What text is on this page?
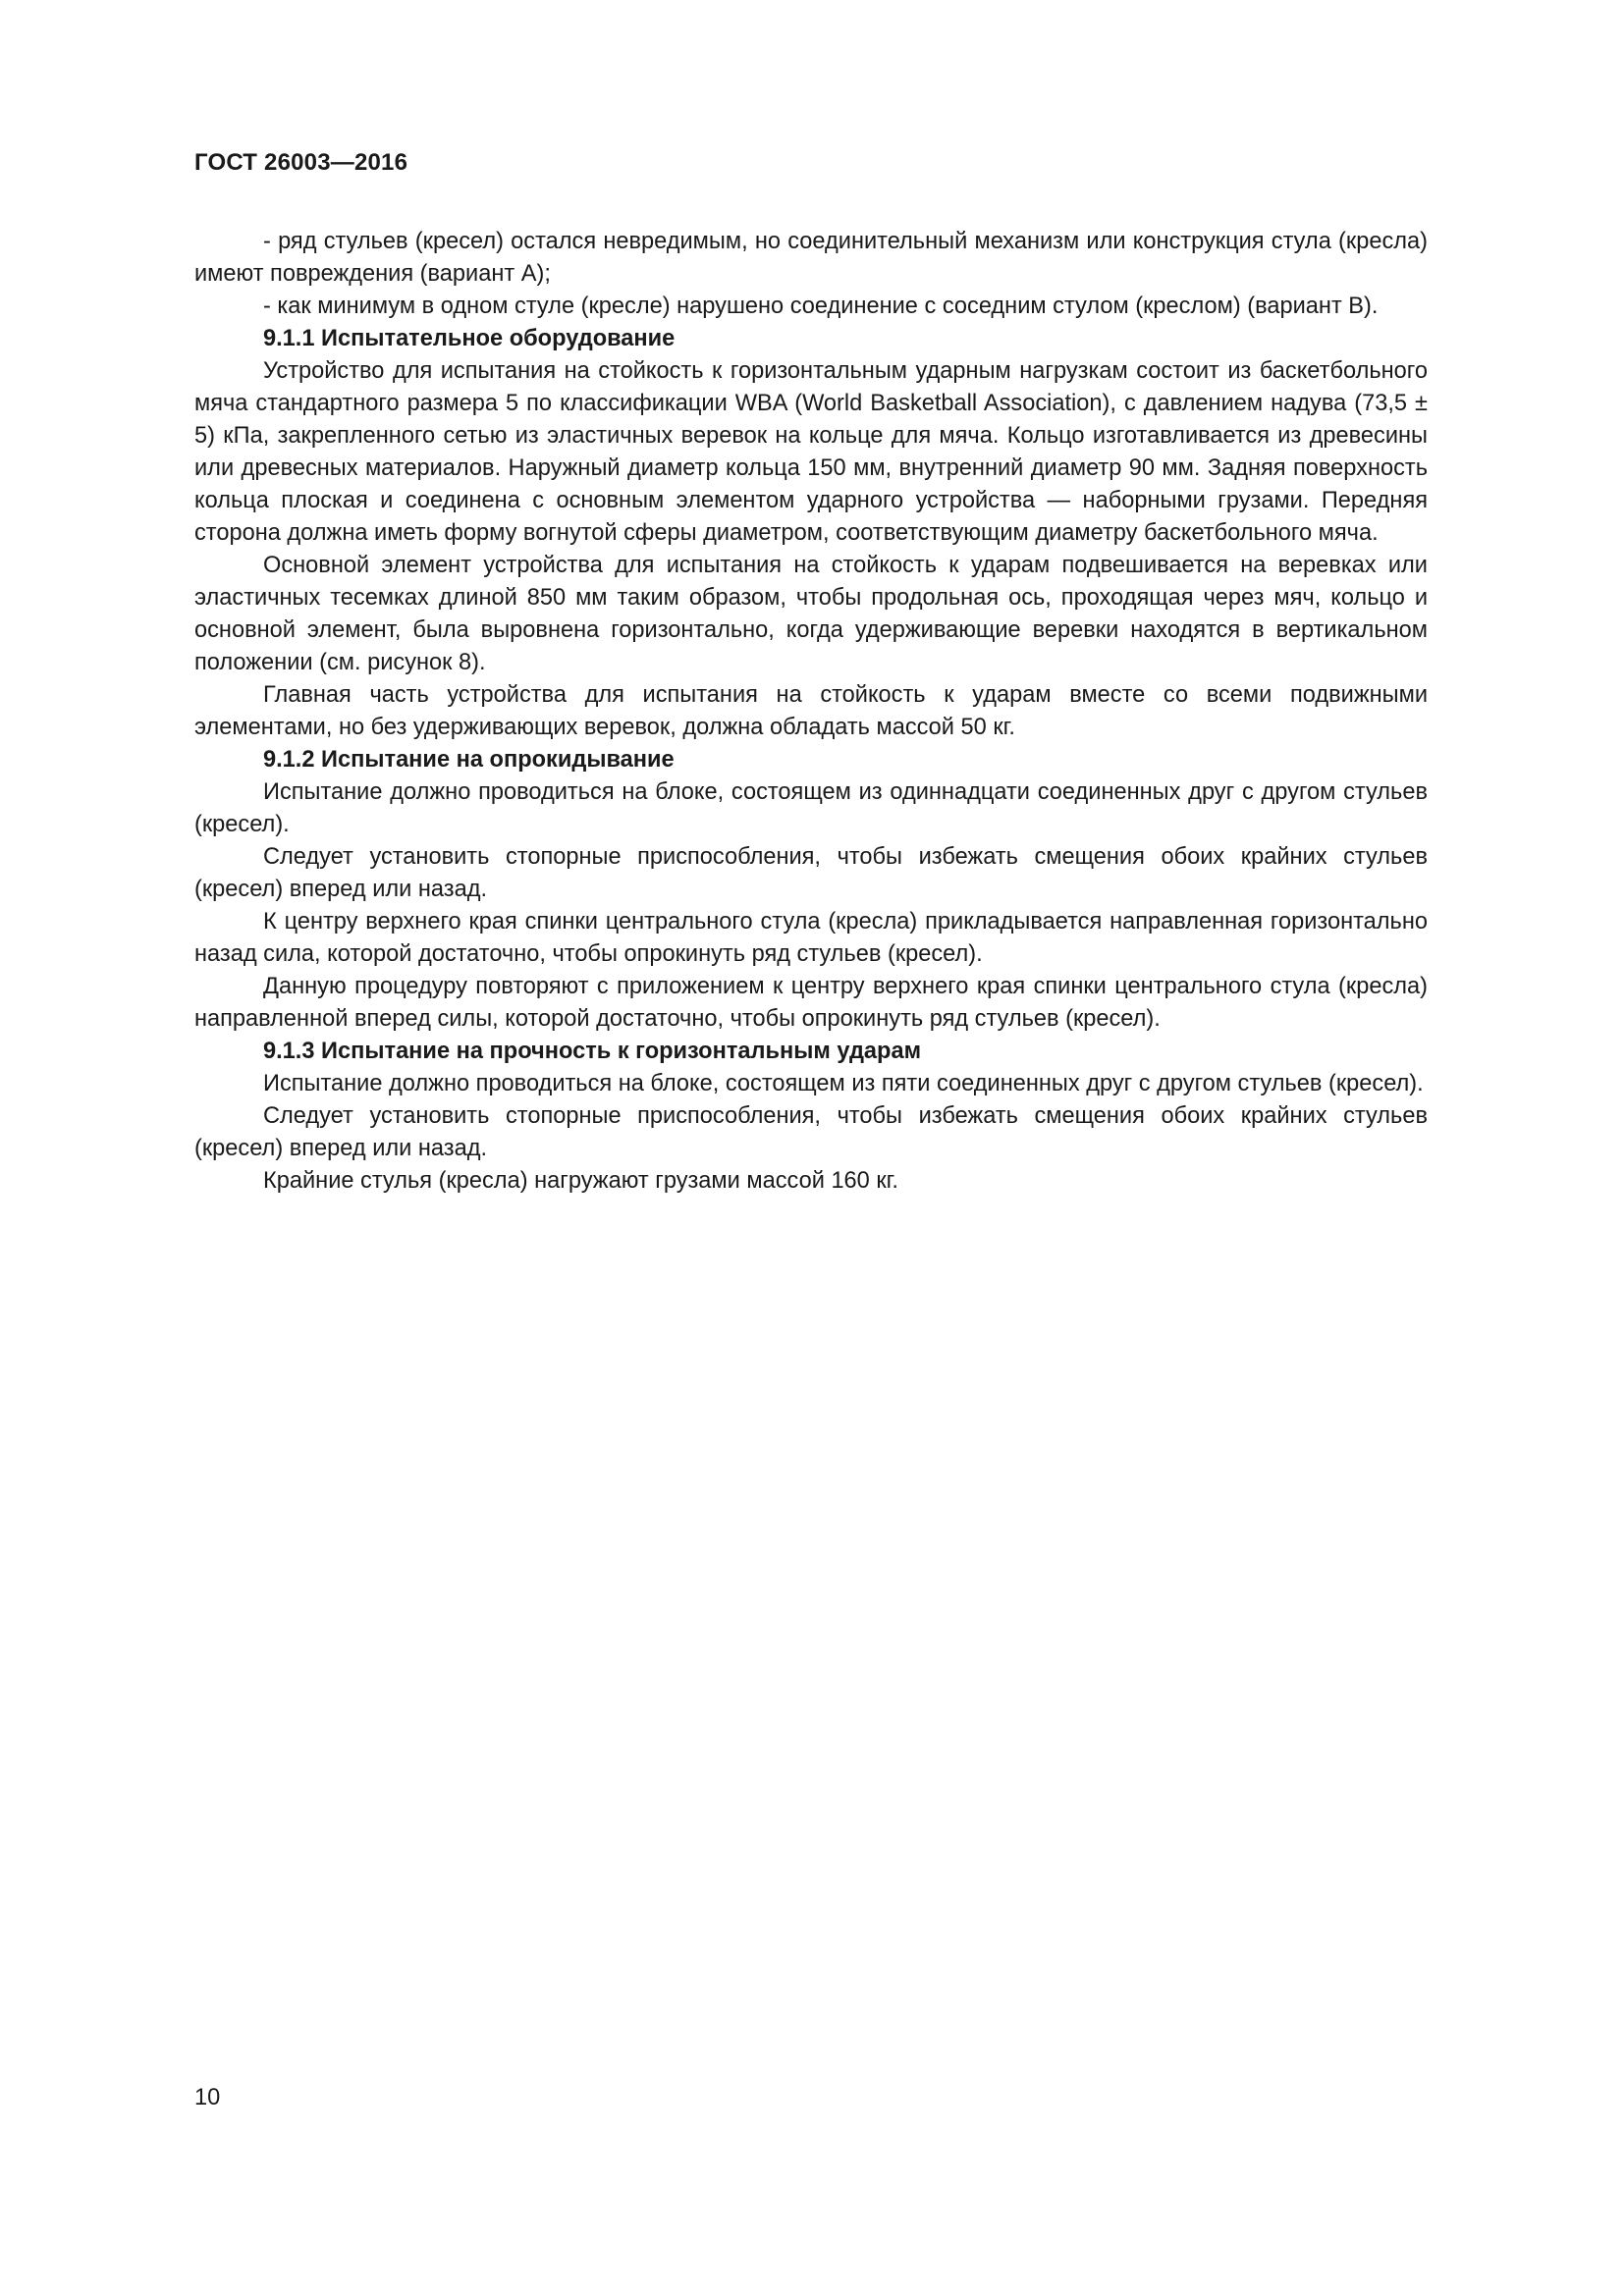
ГОСТ 26003—2016

- ряд стульев (кресел) остался невредимым, но соединительный механизм или конструкция стула (кресла) имеют повреждения (вариант А);

- как минимум в одном стуле (кресле) нарушено соединение с соседним стулом (креслом) (вариант В).

9.1.1 Испытательное оборудование

Устройство для испытания на стойкость к горизонтальным ударным нагрузкам состоит из баскетбольного мяча стандартного размера 5 по классификации WBA (World Basketball Association), с давлением надува (73,5 ± 5) кПа, закрепленного сетью из эластичных веревок на кольце для мяча. Кольцо изготавливается из древесины или древесных материалов. Наружный диаметр кольца 150 мм, внутренний диаметр 90 мм. Задняя поверхность кольца плоская и соединена с основным элементом ударного устройства — наборными грузами. Передняя сторона должна иметь форму вогнутой сферы диаметром, соответствующим диаметру баскетбольного мяча.

Основной элемент устройства для испытания на стойкость к ударам подвешивается на веревках или эластичных тесемках длиной 850 мм таким образом, чтобы продольная ось, проходящая через мяч, кольцо и основной элемент, была выровнена горизонтально, когда удерживающие веревки находятся в вертикальном положении (см. рисунок 8).

Главная часть устройства для испытания на стойкость к ударам вместе со всеми подвижными элементами, но без удерживающих веревок, должна обладать массой 50 кг.

9.1.2 Испытание на опрокидывание

Испытание должно проводиться на блоке, состоящем из одиннадцати соединенных друг с другом стульев (кресел).

Следует установить стопорные приспособления, чтобы избежать смещения обоих крайних стульев (кресел) вперед или назад.

К центру верхнего края спинки центрального стула (кресла) прикладывается направленная горизонтально назад сила, которой достаточно, чтобы опрокинуть ряд стульев (кресел).

Данную процедуру повторяют с приложением к центру верхнего края спинки центрального стула (кресла) направленной вперед силы, которой достаточно, чтобы опрокинуть ряд стульев (кресел).

9.1.3 Испытание на прочность к горизонтальным ударам

Испытание должно проводиться на блоке, состоящем из пяти соединенных друг с другом стульев (кресел).

Следует установить стопорные приспособления, чтобы избежать смещения обоих крайних стульев (кресел) вперед или назад.

Крайние стулья (кресла) нагружают грузами массой 160 кг.

10
